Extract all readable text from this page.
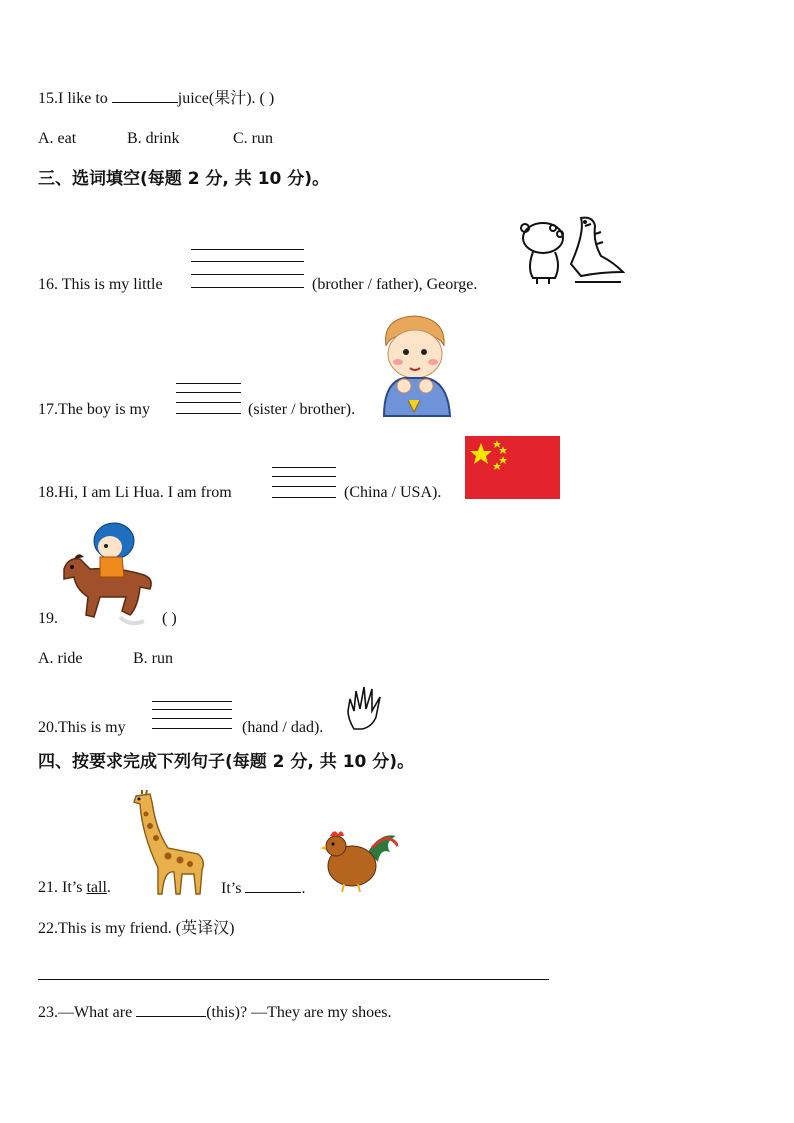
15.I like to	juice(果汁). ( )
A. eat	B. drink	C. run
三、选词填空(每题 2 分, 共 10 分)。
16. This is my little	(brother / father), George.
17.The boy is my	(sister / brother).
18.Hi, I am Li Hua. I am from	(China / USA).
19.	( )
A. ride	B. run
20.This is my	(hand / dad).
四、按要求完成下列句子(每题 2 分, 共 10 分)。
21. It’s tall.	It’s	.
22.This is my friend. (英译汉)
23.—What are	(this)? —They are my shoes.
